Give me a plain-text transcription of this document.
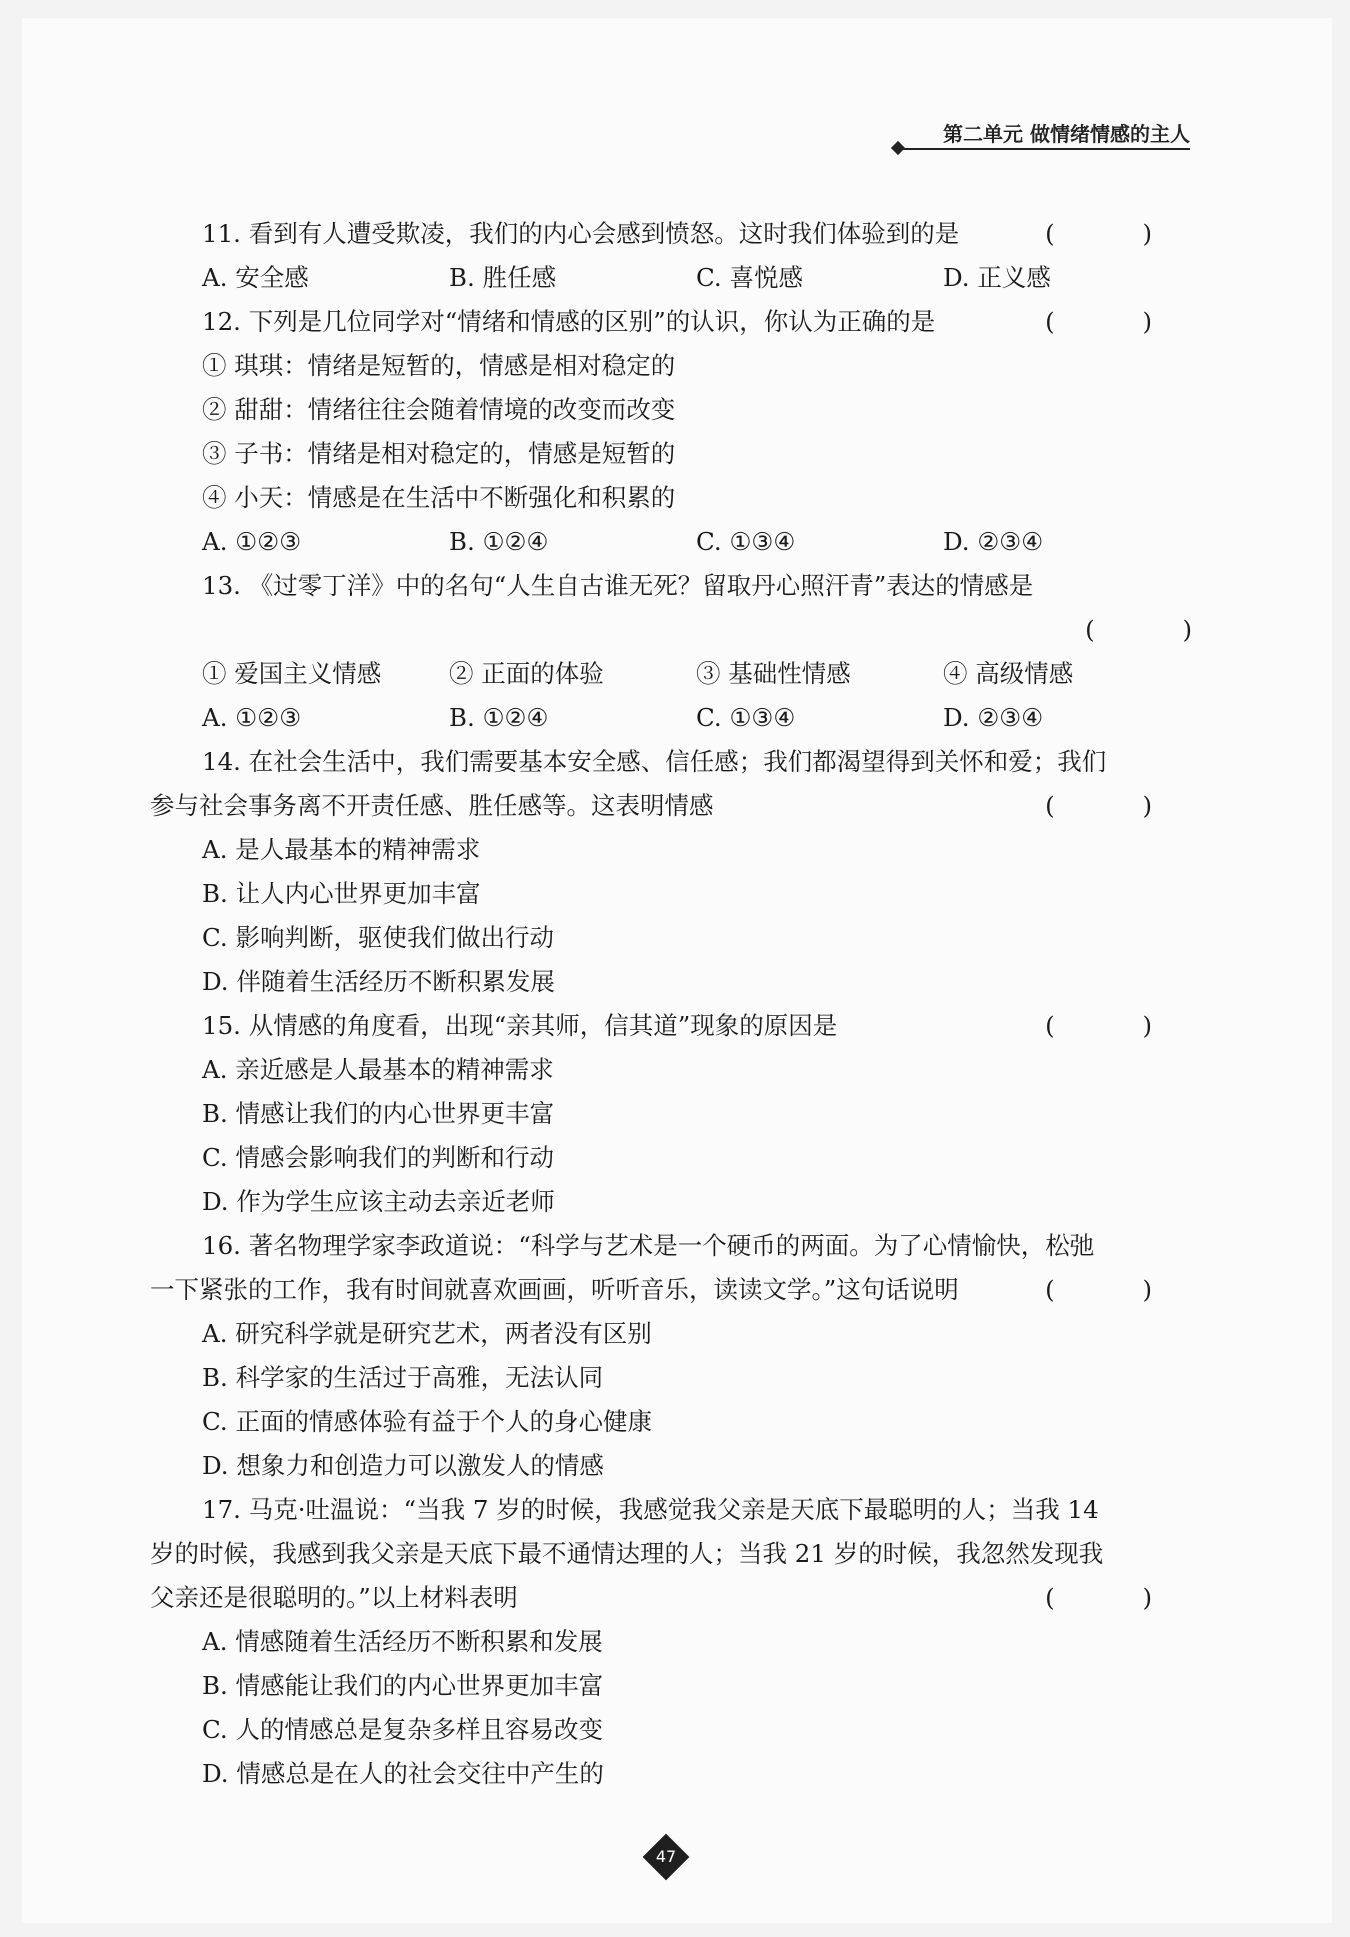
第二单元 做情绪情感的主人
11. 看到有人遭受欺凌，我们的内心会感到愤怒。这时我们体验到的是	( )
A. 安全感	B. 胜任感	C. 喜悦感	D. 正义感
12. 下列是几位同学对“情绪和情感的区别”的认识，你认为正确的是	( )
① 琪琪：情绪是短暂的，情感是相对稳定的
② 甜甜：情绪往往会随着情境的改变而改变
③ 子书：情绪是相对稳定的，情感是短暂的
④ 小天：情感是在生活中不断强化和积累的
A. ①②③	B. ①②④	C. ①③④	D. ②③④
13. 《过零丁洋》中的名句“人生自古谁无死？留取丹心照汗青”表达的情感是
( )
① 爱国主义情感	② 正面的体验	③ 基础性情感	④ 高级情感
A. ①②③	B. ①②④	C. ①③④	D. ②③④
14. 在社会生活中，我们需要基本安全感、信任感；我们都渴望得到关怀和爱；我们
参与社会事务离不开责任感、胜任感等。这表明情感	( )
A. 是人最基本的精神需求
B. 让人内心世界更加丰富
C. 影响判断，驱使我们做出行动
D. 伴随着生活经历不断积累发展
15. 从情感的角度看，出现“亲其师，信其道”现象的原因是	( )
A. 亲近感是人最基本的精神需求
B. 情感让我们的内心世界更丰富
C. 情感会影响我们的判断和行动
D. 作为学生应该主动去亲近老师
16. 著名物理学家李政道说：“科学与艺术是一个硬币的两面。为了心情愉快，松弛
一下紧张的工作，我有时间就喜欢画画，听听音乐，读读文学。”这句话说明	( )
A. 研究科学就是研究艺术，两者没有区别
B. 科学家的生活过于高雅，无法认同
C. 正面的情感体验有益于个人的身心健康
D. 想象力和创造力可以激发人的情感
17. 马克·吐温说：“当我 7 岁的时候，我感觉我父亲是天底下最聪明的人；当我 14
岁的时候，我感到我父亲是天底下最不通情达理的人；当我 21 岁的时候，我忽然发现我
父亲还是很聪明的。”以上材料表明	( )
A. 情感随着生活经历不断积累和发展
B. 情感能让我们的内心世界更加丰富
C. 人的情感总是复杂多样且容易改变
D. 情感总是在人的社会交往中产生的
47
